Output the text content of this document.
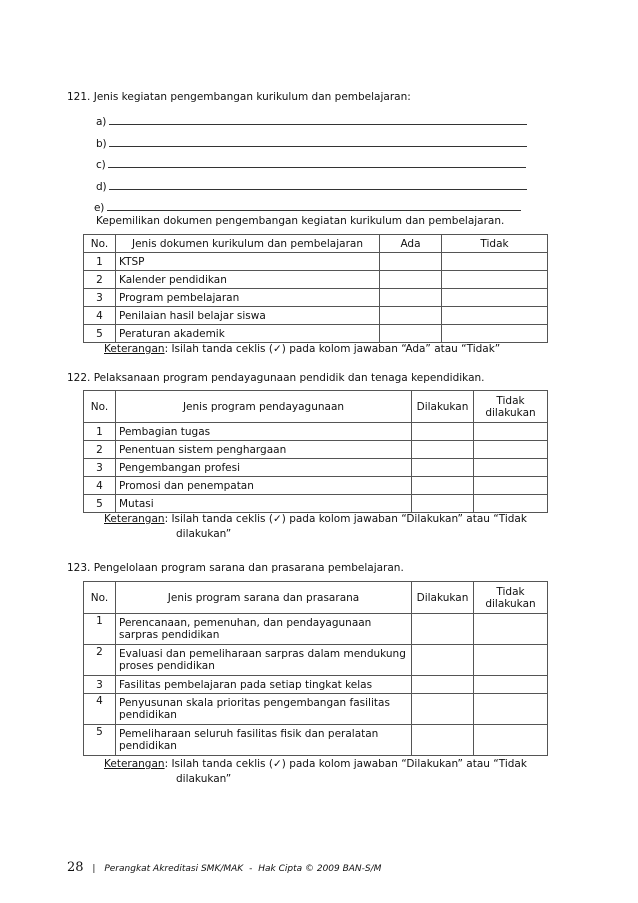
121. Jenis kegiatan pengembangan kurikulum dan pembelajaran:
a)
b)
c)
d)
e)
Kepemilikan dokumen pengembangan kegiatan kurikulum dan pembelajaran.
No.	Jenis dokumen kurikulum dan pembelajaran	Ada	Tidak
1	KTSP		
2	Kalender pendidikan		
3	Program pembelajaran		
4	Penilaian hasil belajar siswa		
5	Peraturan akademik		
Keterangan: Isilah tanda ceklis (✓) pada kolom jawaban “Ada” atau “Tidak”
122. Pelaksanaan program pendayagunaan pendidik dan tenaga kependidikan.
No.	Jenis program pendayagunaan	Dilakukan	Tidak dilakukan
1	Pembagian tugas		
2	Penentuan sistem penghargaan		
3	Pengembangan profesi		
4	Promosi dan penempatan		
5	Mutasi		
Keterangan: Isilah tanda ceklis (✓) pada kolom jawaban “Dilakukan” atau “Tidak
dilakukan”
123. Pengelolaan program sarana dan prasarana pembelajaran.
No.	Jenis program sarana dan prasarana	Dilakukan	Tidak dilakukan
1	Perencanaan, pemenuhan, dan pendayagunaan sarpras pendidikan		
2	Evaluasi dan pemeliharaan sarpras dalam mendukung proses pendidikan		
3	Fasilitas pembelajaran pada setiap tingkat kelas		
4	Penyusunan skala prioritas pengembangan fasilitas pendidikan		
5	Pemeliharaan seluruh fasilitas fisik dan peralatan pendidikan		
Keterangan: Isilah tanda ceklis (✓) pada kolom jawaban “Dilakukan” atau “Tidak
dilakukan”
28 | Perangkat Akreditasi SMK/MAK - Hak Cipta © 2009 BAN-S/M
